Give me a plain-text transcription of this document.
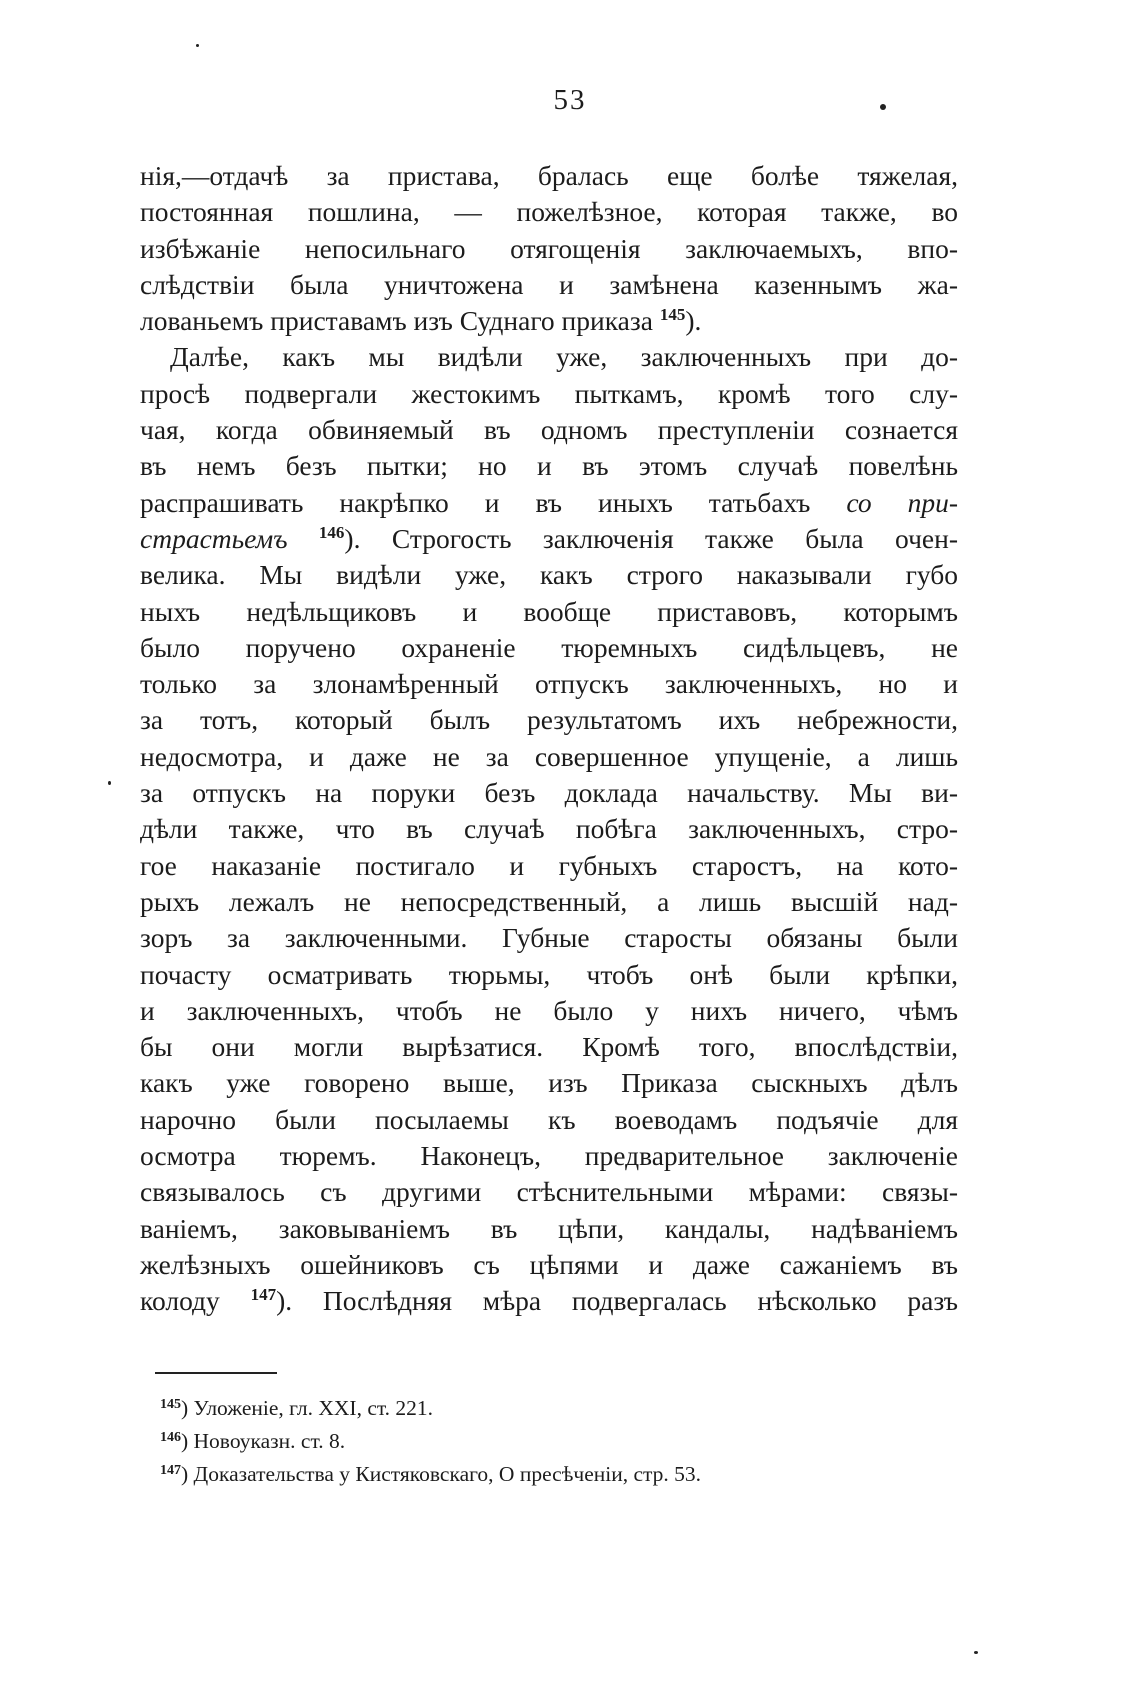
53
нія,—отдачѣ за пристава, бралась еще болѣе тяжелая,
постоянная пошлина, — пожелѣзное, которая также, во
избѣжаніе непосильнаго отягощенія заключаемыхъ, впо-
слѣдствіи была уничтожена и замѣнена казеннымъ жа-
лованьемъ приставамъ изъ Суднаго приказа $^{145}$).
Далѣе, какъ мы видѣли уже, заключенныхъ при до-
просѣ подвергали жестокимъ пыткамъ, кромѣ того слу-
чая, когда обвиняемый въ одномъ преступленіи сознается
въ немъ безъ пытки; но и въ этомъ случаѣ повелѣнь
распрашивать накрѣпко и въ иныхъ татьбахъ со при-
страстьемъ $^{146}$). Строгость заключенія также была очен-
велика. Мы видѣли уже, какъ строго наказывали губо
ныхъ недѣльщиковъ и вообще приставовъ, которымъ
было поручено охраненіе тюремныхъ сидѣльцевъ, не
только за злонамѣренный отпускъ заключенныхъ, но и
за тотъ, который былъ результатомъ ихъ небрежности,
недосмотра, и даже не за совершенное упущеніе, а лишь
за отпускъ на поруки безъ доклада начальству. Мы ви-
дѣли также, что въ случаѣ побѣга заключенныхъ, стро-
гое наказаніе постигало и губныхъ старостъ, на кото-
рыхъ лежалъ не непосредственный, а лишь высшій над-
зоръ за заключенными. Губные старосты обязаны были
почасту осматривать тюрьмы, чтобъ онѣ были крѣпки,
и заключенныхъ, чтобъ не было у нихъ ничего, чѣмъ
бы они могли вырѣзатися. Кромѣ того, впослѣдствіи,
какъ уже говорено выше, изъ Приказа сыскныхъ дѣлъ
нарочно были посылаемы къ воеводамъ подъячіе для
осмотра тюремъ. Наконецъ, предварительное заключеніе
связывалось съ другими стѣснительными мѣрами: связы-
ваніемъ, заковываніемъ въ цѣпи, кандалы, надѣваніемъ
желѣзныхъ ошейниковъ съ цѣпями и даже сажаніемъ въ
колоду $^{147}$). Послѣдняя мѣра подвергалась нѣсколько разъ
$^{145}$) Уложеніе, гл. XXI, ст. 221.
$^{146}$) Новоуказн. ст. 8.
$^{147}$) Доказательства у Кистяковскаго, О пресѣченіи, стр. 53.
